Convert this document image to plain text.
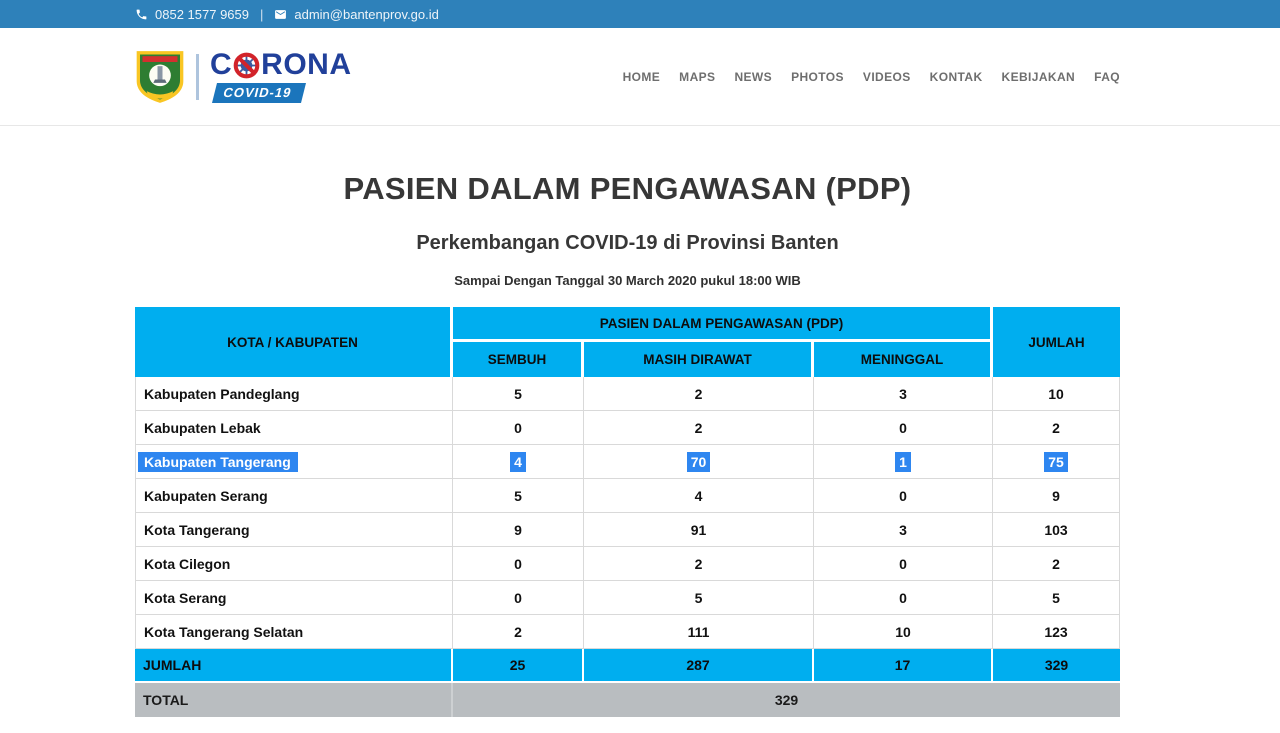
0852 1577 9659 | admin@bantenprov.go.id
C RONA
COVID-19
HOME MAPS NEWS PHOTOS VIDEOS KONTAK KEBIJAKAN FAQ
PASIEN DALAM PENGAWASAN (PDP)
Perkembangan COVID-19 di Provinsi Banten
Sampai Dengan Tanggal 30 March 2020 pukul 18:00 WIB
KOTA / KABUPATEN	PASIEN DALAM PENGAWASAN (PDP)			JUMLAH
	SEMBUH	MASIH DIRAWAT	MENINGGAL	
Kabupaten Pandeglang	5	2	3	10
Kabupaten Lebak	0	2	0	2
Kabupaten Tangerang	4	70	1	75
Kabupaten Serang	5	4	0	9
Kota Tangerang	9	91	3	103
Kota Cilegon	0	2	0	2
Kota Serang	0	5	0	5
Kota Tangerang Selatan	2	111	10	123
JUMLAH	25	287	17	329
TOTAL	329			
